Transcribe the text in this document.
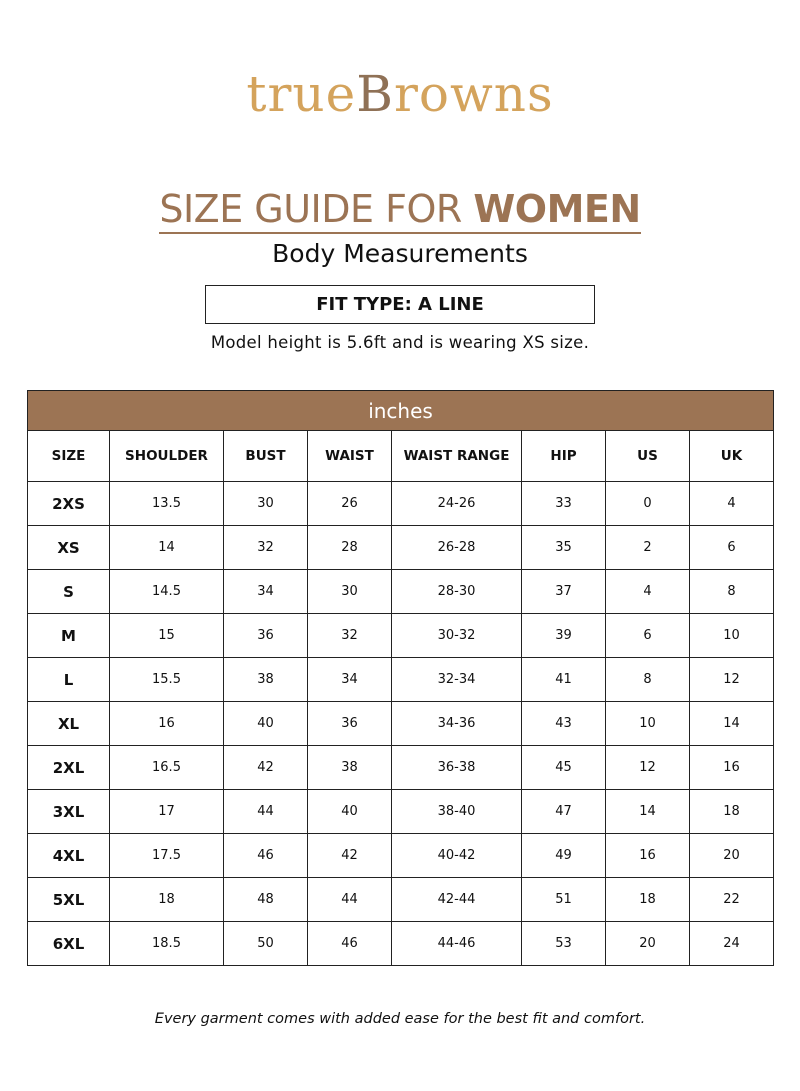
trueBrowns
SIZE GUIDE FOR WOMEN
Body Measurements
FIT TYPE: A LINE
Model height is 5.6ft and is wearing XS size.
inches							
SIZE	SHOULDER	BUST	WAIST	WAIST RANGE	HIP	US	UK
2XS	13.5	30	26	24-26	33	0	4
XS	14	32	28	26-28	35	2	6
S	14.5	34	30	28-30	37	4	8
M	15	36	32	30-32	39	6	10
L	15.5	38	34	32-34	41	8	12
XL	16	40	36	34-36	43	10	14
2XL	16.5	42	38	36-38	45	12	16
3XL	17	44	40	38-40	47	14	18
4XL	17.5	46	42	40-42	49	16	20
5XL	18	48	44	42-44	51	18	22
6XL	18.5	50	46	44-46	53	20	24
Every garment comes with added ease for the best fit and comfort.
